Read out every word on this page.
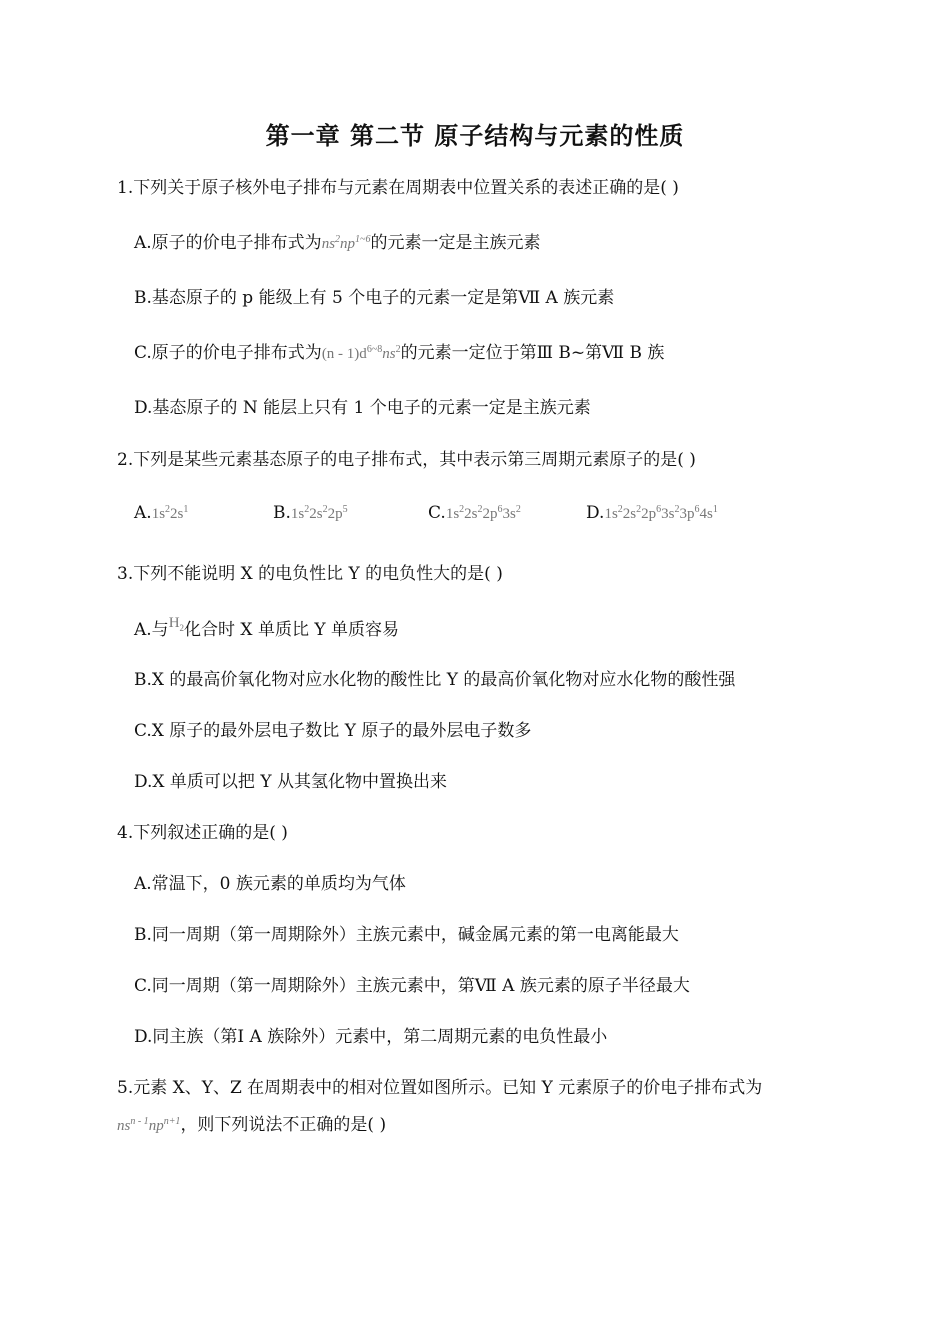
第一章 第二节 原子结构与元素的性质
1.下列关于原子核外电子排布与元素在周期表中位置关系的表述正确的是( )
A.原子的价电子排布式为$ns^2np^{1\sim 6}$的元素一定是主族元素
B.基态原子的 p 能级上有 5 个电子的元素一定是第Ⅶ A 族元素
C.原子的价电子排布式为$(n - 1)d^{6\sim 8}ns^2$的元素一定位于第Ⅲ B~第Ⅶ B 族
D.基态原子的 N 能层上只有 1 个电子的元素一定是主族元素
2.下列是某些元素基态原子的电子排布式，其中表示第三周期元素原子的是( )
$A.1s^22s^1$	$B.1s^22s^22p^5$	$C.1s^22s^22p^63s^2$	$D.1s^22s^22p^63s^23p^64s^1$
3.下列不能说明 X 的电负性比 Y 的电负性大的是( )
A.与$H_2$化合时 X 单质比 Y 单质容易
B.X 的最高价氧化物对应水化物的酸性比 Y 的最高价氧化物对应水化物的酸性强
C.X 原子的最外层电子数比 Y 原子的最外层电子数多
D.X 单质可以把 Y 从其氢化物中置换出来
4.下列叙述正确的是( )
A.常温下，0 族元素的单质均为气体
B.同一周期（第一周期除外）主族元素中，碱金属元素的第一电离能最大
C.同一周期（第一周期除外）主族元素中，第Ⅶ A 族元素的原子半径最大
D.同主族（第Ⅰ A 族除外）元素中，第二周期元素的电负性最小
5.元素 X、Y、Z 在周期表中的相对位置如图所示。已知 Y 元素原子的价电子排布式为
$ns^{n - 1}np^{n+1}$，则下列说法不正确的是( )
